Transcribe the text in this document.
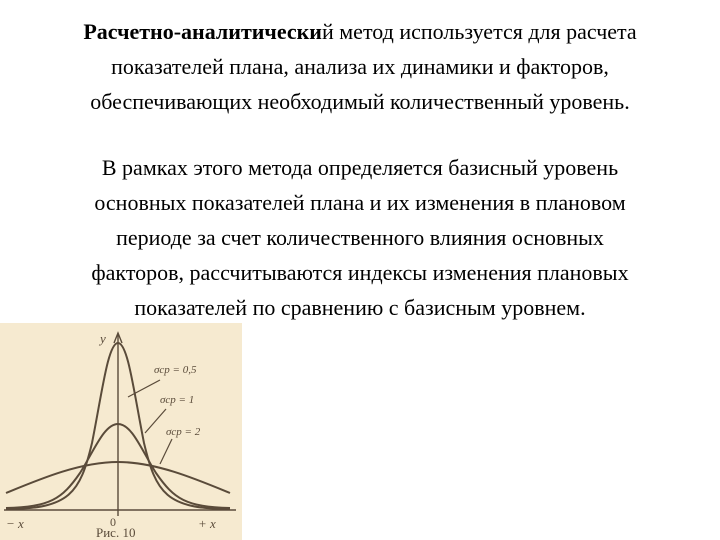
Расчетно-аналитический метод используется для расчета
показателей плана, анализа их динамики и факторов,
обеспечивающих необходимый количественный уровень.

В рамках этого метода определяется базисный уровень
основных показателей плана и их изменения в плановом
периоде за счет количественного влияния основных
факторов, рассчитываются индексы изменения плановых
показателей по сравнению с базисным уровнем.

y
σср = 0,5
σср = 1
σср = 2
− x	+ x
0
Рис. 10
